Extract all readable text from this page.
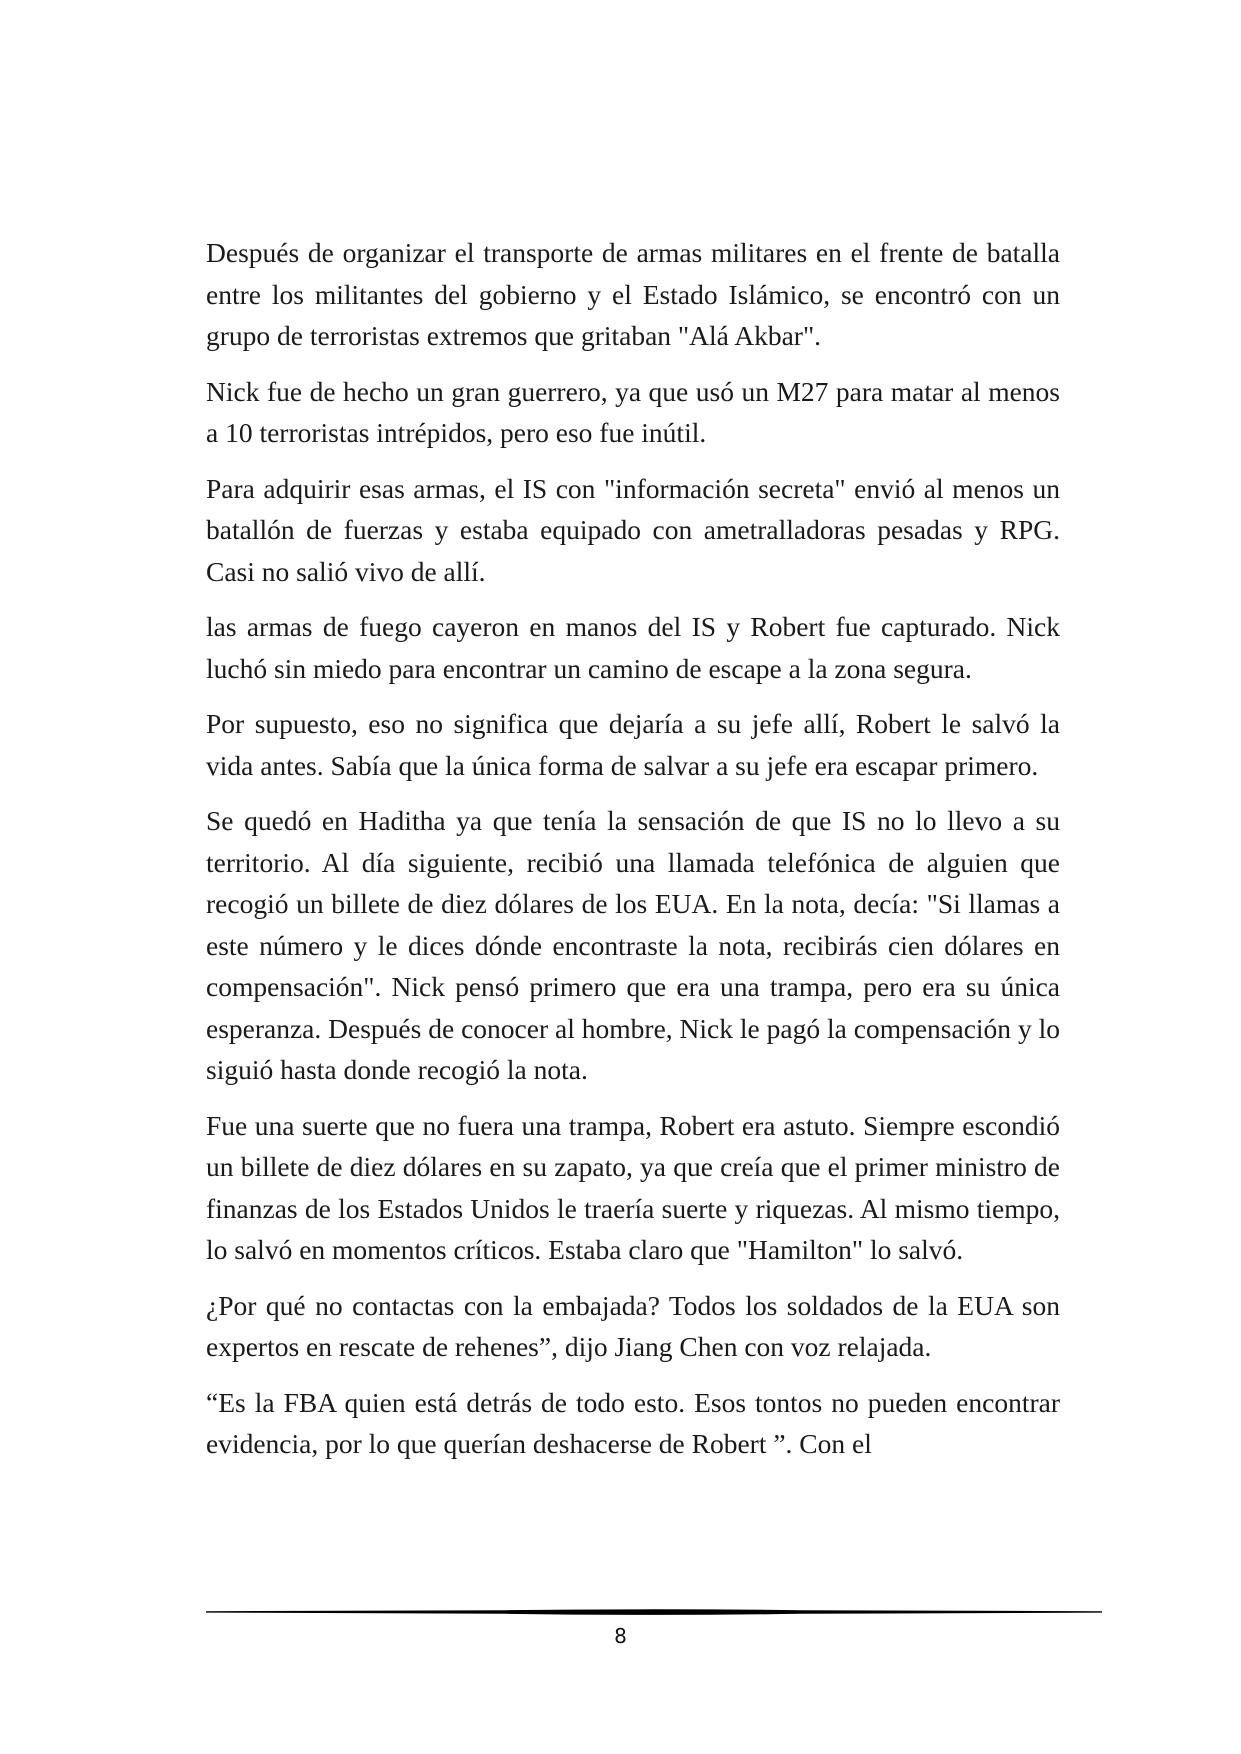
Después de organizar el transporte de armas militares en el frente de batalla entre los militantes del gobierno y el Estado Islámico, se encontró con un grupo de terroristas extremos que gritaban "Alá Akbar".

Nick fue de hecho un gran guerrero, ya que usó un M27 para matar al menos a 10 terroristas intrépidos, pero eso fue inútil.

Para adquirir esas armas, el IS con "información secreta" envió al menos un batallón de fuerzas y estaba equipado con ametralladoras pesadas y RPG. Casi no salió vivo de allí.

las armas de fuego cayeron en manos del IS y Robert fue capturado. Nick luchó sin miedo para encontrar un camino de escape a la zona segura.

Por supuesto, eso no significa que dejaría a su jefe allí, Robert le salvó la vida antes. Sabía que la única forma de salvar a su jefe era escapar primero.

Se quedó en Haditha ya que tenía la sensación de que IS no lo llevo a su territorio. Al día siguiente, recibió una llamada telefónica de alguien que recogió un billete de diez dólares de los EUA. En la nota, decía: "Si llamas a este número y le dices dónde encontraste la nota, recibirás cien dólares en compensación". Nick pensó primero que era una trampa, pero era su única esperanza. Después de conocer al hombre, Nick le pagó la compensación y lo siguió hasta donde recogió la nota.

Fue una suerte que no fuera una trampa, Robert era astuto. Siempre escondió un billete de diez dólares en su zapato, ya que creía que el primer ministro de finanzas de los Estados Unidos le traería suerte y riquezas. Al mismo tiempo, lo salvó en momentos críticos. Estaba claro que "Hamilton" lo salvó.

¿Por qué no contactas con la embajada? Todos los soldados de la EUA son expertos en rescate de rehenes”, dijo Jiang Chen con voz relajada.

“Es la FBA quien está detrás de todo esto. Esos tontos no pueden encontrar evidencia, por lo que querían deshacerse de Robert ”. Con el

8
